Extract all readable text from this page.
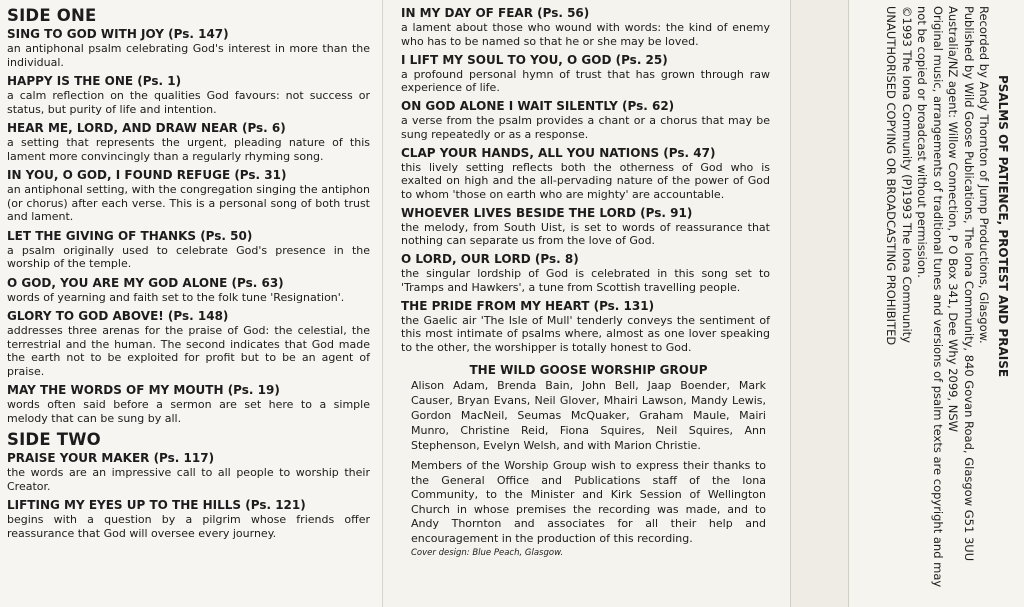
SIDE ONE
SING TO GOD WITH JOY (Ps. 147)
an antiphonal psalm celebrating God's interest in more than the individual.
HAPPY IS THE ONE (Ps. 1)
a calm reflection on the qualities God favours: not success or status, but purity of life and intention.
HEAR ME, LORD, AND DRAW NEAR (Ps. 6)
a setting that represents the urgent, pleading nature of this lament more convincingly than a regularly rhyming song.
IN YOU, O GOD, I FOUND REFUGE (Ps. 31)
an antiphonal setting, with the congregation singing the antiphon (or chorus) after each verse. This is a personal song of both trust and lament.
LET THE GIVING OF THANKS (Ps. 50)
a psalm originally used to celebrate God's presence in the worship of the temple.
O GOD, YOU ARE MY GOD ALONE (Ps. 63)
words of yearning and faith set to the folk tune 'Resignation'.
GLORY TO GOD ABOVE! (Ps. 148)
addresses three arenas for the praise of God: the celestial, the terrestrial and the human. The second indicates that God made the earth not to be exploited for profit but to be an agent of praise.
MAY THE WORDS OF MY MOUTH (Ps. 19)
words often said before a sermon are set here to a simple melody that can be sung by all.
SIDE TWO
PRAISE YOUR MAKER (Ps. 117)
the words are an impressive call to all people to worship their Creator.
LIFTING MY EYES UP TO THE HILLS (Ps. 121)
begins with a question by a pilgrim whose friends offer reassurance that God will oversee every journey.
IN MY DAY OF FEAR (Ps. 56)
a lament about those who wound with words: the kind of enemy who has to be named so that he or she may be loved.
I LIFT MY SOUL TO YOU, O GOD (Ps. 25)
a profound personal hymn of trust that has grown through raw experience of life.
ON GOD ALONE I WAIT SILENTLY (Ps. 62)
a verse from the psalm provides a chant or a chorus that may be sung repeatedly or as a response.
CLAP YOUR HANDS, ALL YOU NATIONS (Ps. 47)
this lively setting reflects both the otherness of God who is exalted on high and the all-pervading nature of the power of God to whom 'those on earth who are mighty' are accountable.
WHOEVER LIVES BESIDE THE LORD (Ps. 91)
the melody, from South Uist, is set to words of reassurance that nothing can separate us from the love of God.
O LORD, OUR LORD (Ps. 8)
the singular lordship of God is celebrated in this song set to 'Tramps and Hawkers', a tune from Scottish travelling people.
THE PRIDE FROM MY HEART (Ps. 131)
the Gaelic air 'The Isle of Mull' tenderly conveys the sentiment of this most intimate of psalms where, almost as one lover speaking to the other, the worshipper is totally honest to God.
THE WILD GOOSE WORSHIP GROUP
Alison Adam, Brenda Bain, John Bell, Jaap Boender, Mark Causer, Bryan Evans, Neil Glover, Mhairi Lawson, Mandy Lewis, Gordon MacNeil, Seumas McQuaker, Graham Maule, Mairi Munro, Christine Reid, Fiona Squires, Neil Squires, Ann Stephenson, Evelyn Welsh, and with Marion Christie.
Members of the Worship Group wish to express their thanks to the General Office and Publications staff of the Iona Community, to the Minister and Kirk Session of Wellington Church in whose premises the recording was made, and to Andy Thornton and associates for all their help and encouragement in the production of this recording.
Cover design: Blue Peach, Glasgow.
PSALMS OF PATIENCE, PROTEST AND PRAISE
Recorded by Andy Thornton of Jump Productions, Glasgow.
Published by Wild Goose Publications, The Iona Community, 840 Govan Road, Glasgow G51 3UU
Australia/NZ agent: Willow Connection, P O Box 341, Dee Why 2099, NSW
Original music, arrangements of traditional tunes and versions of psalm texts are copyright and may
not be copied or broadcast without permission.
©1993 The Iona Community (P)1993 The Iona Community
UNAUTHORISED COPYING OR BROADCASTING PROHIBITED
